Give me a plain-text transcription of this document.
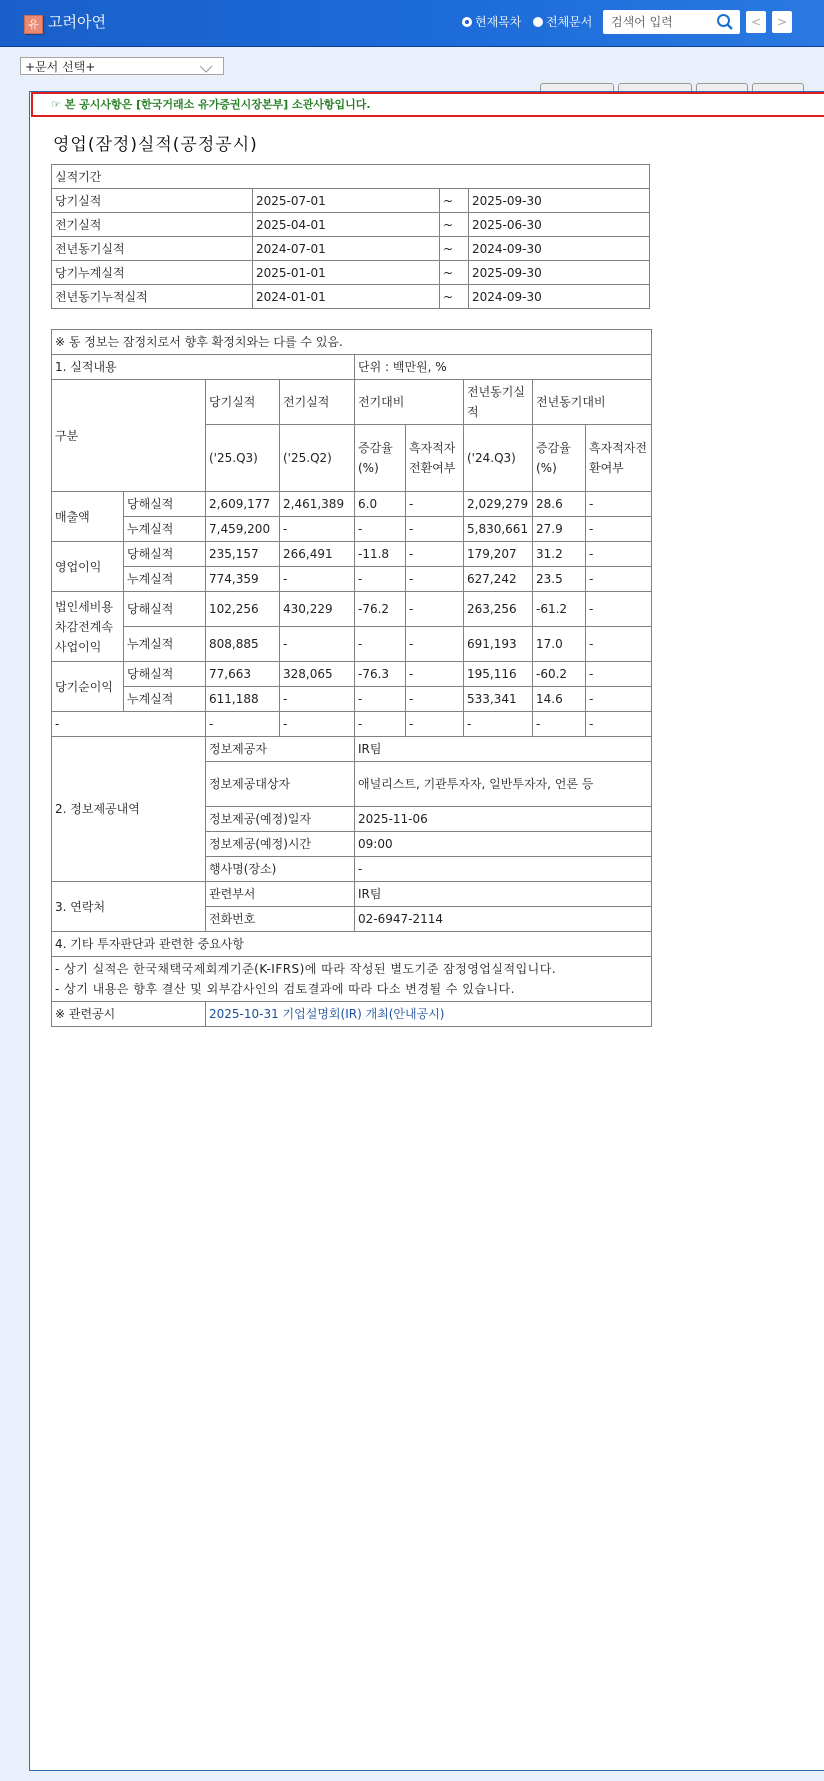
유 고려아연	현재목차 전체문서
검색어 입력	<	>
+문서 선택+
☞ 본 공시사항은 [한국거래소 유가증권시장본부] 소관사항입니다.
영업(잠정)실적(공정공시)
실적기간			
당기실적	2025-07-01	~	2025-09-30
전기실적	2025-04-01	~	2025-06-30
전년동기실적	2024-07-01	~	2024-09-30
당기누계실적	2025-01-01	~	2025-09-30
전년동기누적실적	2024-01-01	~	2024-09-30
※ 동 정보는 잠정치로서 향후 확정치와는 다를 수 있음.								
1. 실적내용				단위 : 백만원, %				
구분		당기실적	전기실적	전기대비		전년동기실적	전년동기대비	
		('25.Q3)	('25.Q2)	증감율(%)	흑자적자전환여부	('24.Q3)	증감율(%)	흑자적자전환여부
매출액	당해실적	2,609,177	2,461,389	6.0	-	2,029,279	28.6	-
	누계실적	7,459,200	-	-	-	5,830,661	27.9	-
영업이익	당해실적	235,157	266,491	-11.8	-	179,207	31.2	-
	누계실적	774,359	-	-	-	627,242	23.5	-
법인세비용차감전계속사업이익	당해실적	102,256	430,229	-76.2	-	263,256	-61.2	-
	누계실적	808,885	-	-	-	691,193	17.0	-
당기순이익	당해실적	77,663	328,065	-76.3	-	195,116	-60.2	-
	누계실적	611,188	-	-	-	533,341	14.6	-
-		-	-	-	-	-	-	-
2. 정보제공내역		정보제공자		IR팀				
		정보제공대상자		애널리스트, 기관투자자, 일반투자자, 언론 등				
		정보제공(예정)일자		2025-11-06				
		정보제공(예정)시간		09:00				
		행사명(장소)		-				
3. 연락처		관련부서		IR팀				
		전화번호		02-6947-2114				
4. 기타 투자판단과 관련한 중요사항								

- 상기 실적은 한국채택국제회계기준(K-IFRS)에 따라 작성된 별도기준 잠정영업실적입니다.
- 상기 내용은 향후 결산 및 외부감사인의 검토결과에 따라 다소 변경될 수 있습니다.								

※ 관련공시		2025-10-31 기업설명회(IR) 개최(안내공시)						
